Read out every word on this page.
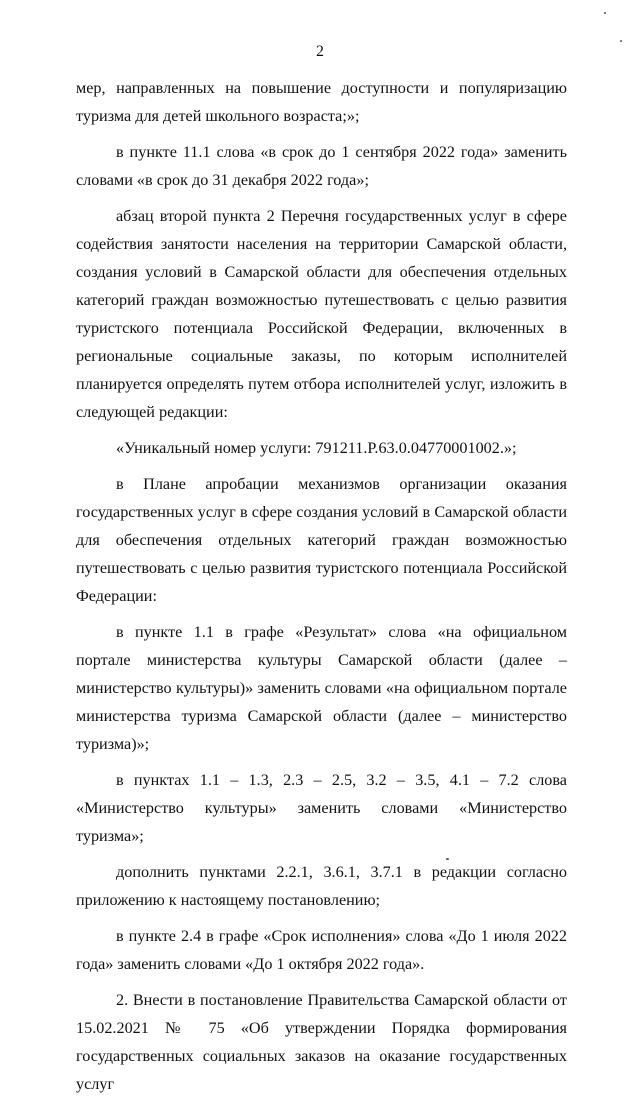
2

мер, направленных на повышение доступности и популяризацию туризма для детей школьного возраста;»;

в пункте 11.1 слова «в срок до 1 сентября 2022 года» заменить словами «в срок до 31 декабря 2022 года»;

абзац второй пункта 2 Перечня государственных услуг в сфере содействия занятости населения на территории Самарской области, создания условий в Самарской области для обеспечения отдельных категорий граждан возможностью путешествовать с целью развития туристского потенциала Российской Федерации, включенных в региональные социальные заказы, по которым исполнителей планируется определять путем отбора исполнителей услуг, изложить в следующей редакции:

«Уникальный номер услуги: 791211.Р.63.0.04770001002.»;

в Плане апробации механизмов организации оказания государственных услуг в сфере создания условий в Самарской области для обеспечения отдельных категорий граждан возможностью путешествовать с целью развития туристского потенциала Российской Федерации:

в пункте 1.1 в графе «Результат» слова «на официальном портале министерства культуры Самарской области (далее – министерство культуры)» заменить словами «на официальном портале министерства туризма Самарской области (далее – министерство туризма)»;

в пунктах 1.1 – 1.3, 2.3 – 2.5, 3.2 – 3.5, 4.1 – 7.2 слова «Министерство культуры» заменить словами «Министерство туризма»;

дополнить пунктами 2.2.1, 3.6.1, 3.7.1 в редакции согласно приложению к настоящему постановлению;

в пункте 2.4 в графе «Срок исполнения» слова «До 1 июля 2022 года» заменить словами «До 1 октября 2022 года».

2. Внести в постановление Правительства Самарской области от 15.02.2021 № 75 «Об утверждении Порядка формирования государственных социальных заказов на оказание государственных услуг
